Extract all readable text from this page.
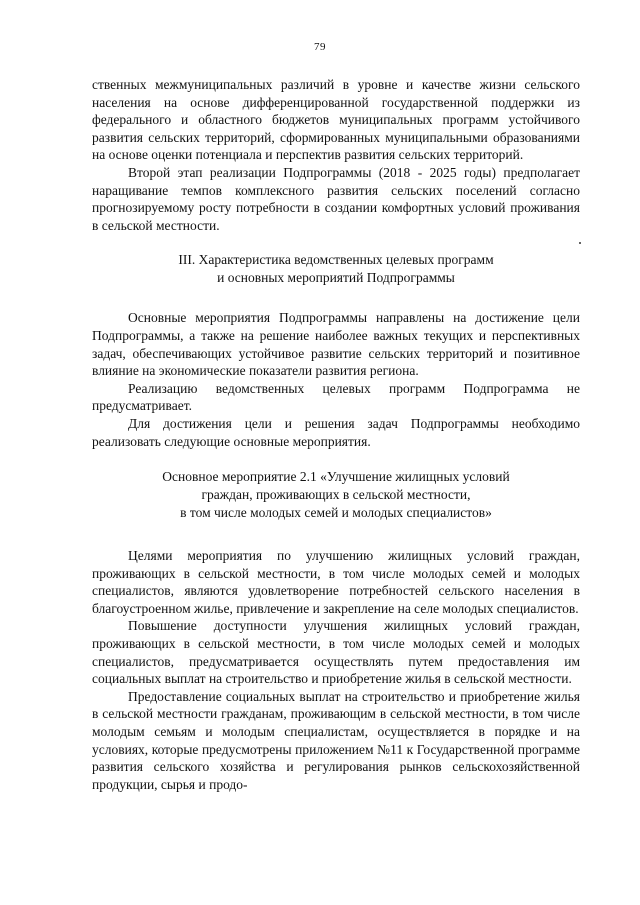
79

ственных межмуниципальных различий в уровне и качестве жизни сельского населения на основе дифференцированной государственной поддержки из федерального и областного бюджетов муниципальных программ устойчивого развития сельских территорий, сформированных муниципальными образованиями на основе оценки потенциала и перспектив развития сельских территорий.

Второй этап реализации Подпрограммы (2018 - 2025 годы) предполагает наращивание темпов комплексного развития сельских поселений согласно прогнозируемому росту потребности в создании комфортных условий проживания в сельской местности.

III. Характеристика ведомственных целевых программ
и основных мероприятий Подпрограммы

Основные мероприятия Подпрограммы направлены на достижение цели Подпрограммы, а также на решение наиболее важных текущих и перспективных задач, обеспечивающих устойчивое развитие сельских территорий и позитивное влияние на экономические показатели развития региона.

Реализацию ведомственных целевых программ Подпрограмма не предусматривает.

Для достижения цели и решения задач Подпрограммы необходимо реализовать следующие основные мероприятия.

Основное мероприятие 2.1 «Улучшение жилищных условий
граждан, проживающих в сельской местности,
в том числе молодых семей и молодых специалистов»

Целями мероприятия по улучшению жилищных условий граждан, проживающих в сельской местности, в том числе молодых семей и молодых специалистов, являются удовлетворение потребностей сельского населения в благоустроенном жилье, привлечение и закрепление на селе молодых специалистов.

Повышение доступности улучшения жилищных условий граждан, проживающих в сельской местности, в том числе молодых семей и молодых специалистов, предусматривается осуществлять путем предоставления им социальных выплат на строительство и приобретение жилья в сельской местности.

Предоставление социальных выплат на строительство и приобретение жилья в сельской местности гражданам, проживающим в сельской местности, в том числе молодым семьям и молодым специалистам, осуществляется в порядке и на условиях, которые предусмотрены приложением №11 к Государственной программе развития сельского хозяйства и регулирования рынков сельскохозяйственной продукции, сырья и продо-
